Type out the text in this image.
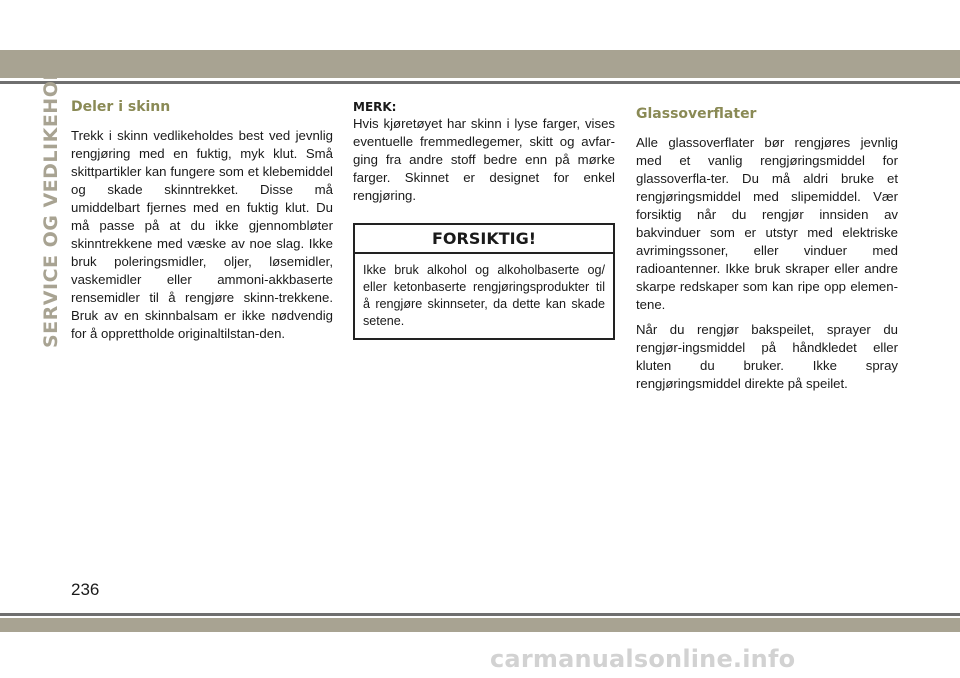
SERVICE OG VEDLIKEHOLD Deler i skinn

Trekk i skinn vedlikeholdes best ved jevnlig rengjøring med en fuktig, myk klut. Små skittpartikler kan fungere som et klebemiddel og skade skinntrekket. Disse må umiddelbart fjernes med en fuktig klut. Du må passe på at du ikke gjennombløter skinntrekkene med væske av noe slag. Ikke bruk poleringsmidler, oljer, løsemidler, vaskemidler eller ammoni-akkbaserte rensemidler til å rengjøre skinn-trekkene. Bruk av en skinnbalsam er ikke nødvendig for å opprettholde originaltilstan-den.

MERK:

Hvis kjøretøyet har skinn i lyse farger, vises eventuelle fremmedlegemer, skitt og avfar-ging fra andre stoff bedre enn på mørke farger. Skinnet er designet for enkel rengjøring.

FORSIKTIG!
Ikke bruk alkohol og alkoholbaserte og/ eller ketonbaserte rengjøringsprodukter til å rengjøre skinnseter, da dette kan skade setene.
Glassoverflater

Alle glassoverflater bør rengjøres jevnlig med et vanlig rengjøringsmiddel for glassoverfla-ter. Du må aldri bruke et rengjøringsmiddel med slipemiddel. Vær forsiktig når du rengjør innsiden av bakvinduer som er utstyr med elektriske avrimingssoner, eller vinduer med radioantenner. Ikke bruk skraper eller andre skarpe redskaper som kan ripe opp elemen-tene.

Når du rengjør bakspeilet, sprayer du rengjør-ingsmiddel på håndkledet eller kluten du bruker. Ikke spray rengjøringsmiddel direkte på speilet.

236
carmanualsonline.info
